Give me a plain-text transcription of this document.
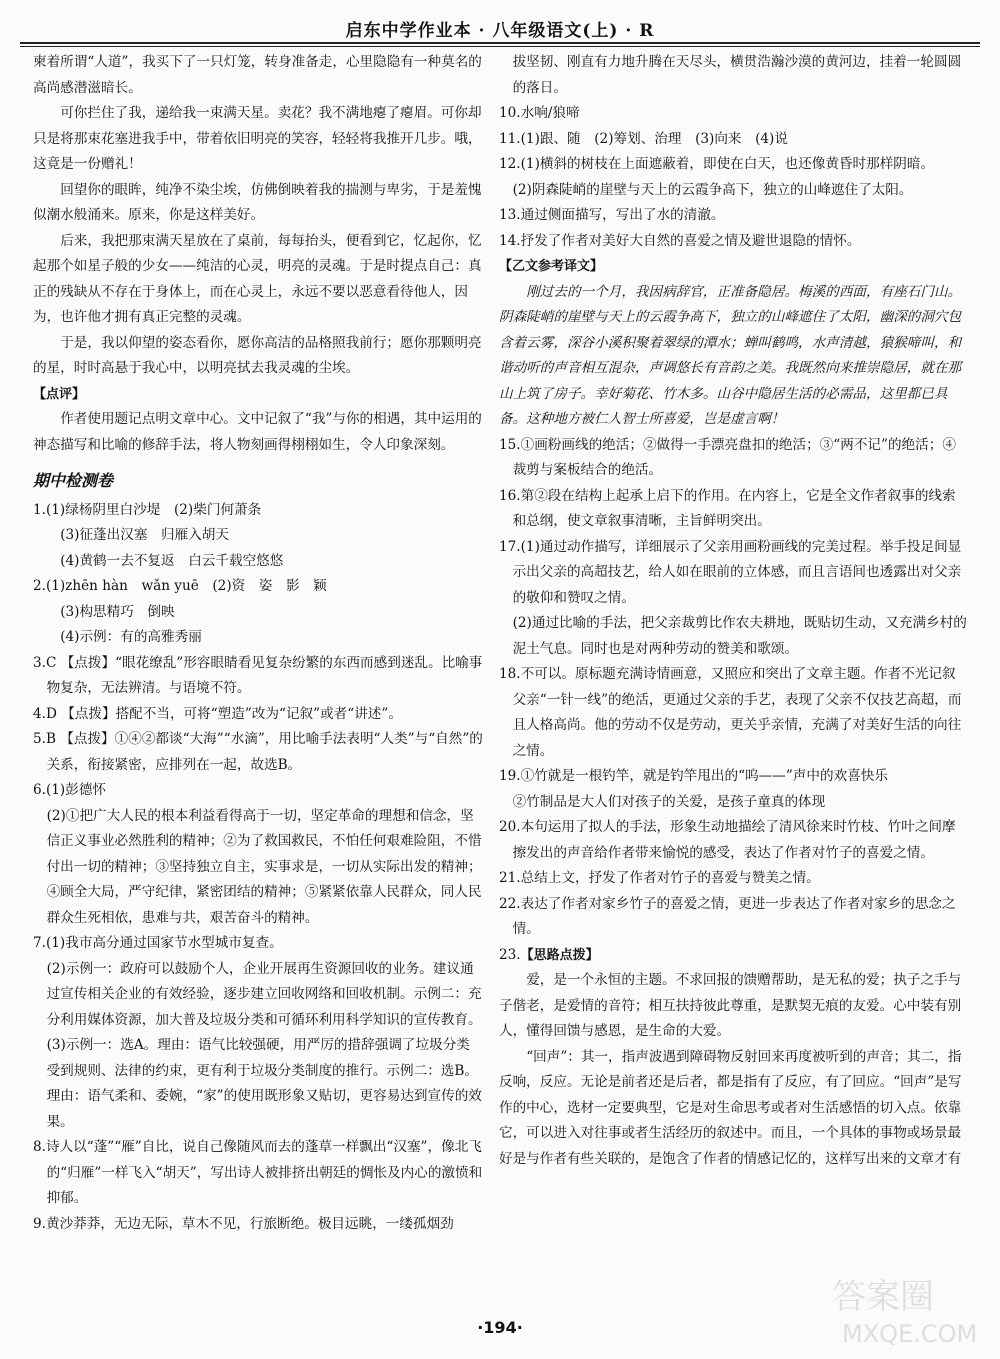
启东中学作业本 · 八年级语文(上) · R

柬着所谓“人道”，我买下了一只灯笼，转身准备走，心里隐隐有一种莫名的高尚感潜滋暗长。

可你拦住了我，递给我一束满天星。卖花？我不满地瘪了瘪眉。可你却只是将那束花塞进我手中，带着依旧明亮的笑容，轻轻将我推开几步。哦，这竟是一份赠礼！

回望你的眼眸，纯净不染尘埃，仿佛倒映着我的揣测与卑劣，于是羞愧似潮水般涌来。原来，你是这样美好。

后来，我把那束满天星放在了桌前，每每抬头，便看到它，忆起你，忆起那个如星子般的少女——纯洁的心灵，明亮的灵魂。于是时提点自己：真正的残缺从不存在于身体上，而在心灵上，永远不要以恶意看待他人，因为，也许他才拥有真正完整的灵魂。

于是，我以仰望的姿态看你，愿你高洁的品格照我前行；愿你那颗明亮的星，时时高悬于我心中，以明亮拭去我灵魂的尘埃。

【点评】

作者使用题记点明文章中心。文中记叙了“我”与你的相遇，其中运用的神态描写和比喻的修辞手法，将人物刻画得栩栩如生，令人印象深刻。

期中检测卷

1.(1)绿杨阴里白沙堤　(2)柴门何萧条

(3)征蓬出汉塞　归雁入胡天

(4)黄鹤一去不复返　白云千载空悠悠

2.(1)zhēn hàn　wǎn yuē　(2)资　姿　影　颖

(3)构思精巧　倒映

(4)示例：有的高雅秀丽

3.C 【点拨】“眼花缭乱”形容眼睛看见复杂纷繁的东西而感到迷乱。比喻事物复杂，无法辨清。与语境不符。

4.D 【点拨】搭配不当，可将“塑造”改为“记叙”或者“讲述”。

5.B 【点拨】①④②都谈“大海”“水滴”，用比喻手法表明“人类”与“自然”的关系，衔接紧密，应排列在一起，故选B。

6.(1)彭德怀

(2)①把广大人民的根本利益看得高于一切，坚定革命的理想和信念，坚信正义事业必然胜利的精神；②为了救国救民，不怕任何艰难险阻，不惜付出一切的精神；③坚持独立自主，实事求是，一切从实际出发的精神；④顾全大局，严守纪律，紧密团结的精神；⑤紧紧依靠人民群众，同人民群众生死相依，患难与共，艰苦奋斗的精神。

7.(1)我市高分通过国家节水型城市复查。

(2)示例一：政府可以鼓励个人，企业开展再生资源回收的业务。建议通过宣传相关企业的有效经验，逐步建立回收网络和回收机制。示例二：充分利用媒体资源，加大普及垃圾分类和可循环利用科学知识的宣传教育。

(3)示例一：选A。理由：语气比较强硬，用严厉的措辞强调了垃圾分类受到规则、法律的约束，更有利于垃圾分类制度的推行。示例二：选B。理由：语气柔和、委婉，“家”的使用既形象又贴切，更容易达到宣传的效果。

8.诗人以“蓬”“雁”自比，说自己像随风而去的蓬草一样飘出“汉塞”，像北飞的“归雁”一样飞入“胡天”，写出诗人被排挤出朝廷的惆怅及内心的激愤和抑郁。

9.黄沙莽莽，无边无际，草木不见，行旅断绝。极目远眺，一缕孤烟劲

拔坚韧、刚直有力地升腾在天尽头，横贯浩瀚沙漠的黄河边，挂着一轮圆圆的落日。

10.水响/狼啼

11.(1)跟、随　(2)筹划、治理　(3)向来　(4)说

12.(1)横斜的树枝在上面遮蔽着，即使在白天，也还像黄昏时那样阴暗。

(2)阴森陡峭的崖壁与天上的云霞争高下，独立的山峰遮住了太阳。

13.通过侧面描写，写出了水的清澈。

14.抒发了作者对美好大自然的喜爱之情及避世退隐的情怀。

【乙文参考译文】

刚过去的一个月，我因病辞官，正准备隐居。梅溪的西面，有座石门山。阴森陡峭的崖壁与天上的云霞争高下，独立的山峰遮住了太阳，幽深的洞穴包含着云雾，深谷小溪积聚着翠绿的潭水；蝉叫鹤鸣，水声清越，猿猴啼叫，和谐动听的声音相互混杂，声调悠长有音韵之美。我既然向来推崇隐居，就在那山上筑了房子。幸好菊花、竹木多。山谷中隐居生活的必需品，这里都已具备。这种地方被仁人智士所喜爱，岂是虚言啊！

15.①画粉画线的绝活；②做得一手漂亮盘扣的绝活；③“两不记”的绝活；④裁剪与案板结合的绝活。

16.第②段在结构上起承上启下的作用。在内容上，它是全文作者叙事的线索和总纲，使文章叙事清晰，主旨鲜明突出。

17.(1)通过动作描写，详细展示了父亲用画粉画线的完美过程。举手投足间显示出父亲的高超技艺，给人如在眼前的立体感，而且言语间也透露出对父亲的敬仰和赞叹之情。

(2)通过比喻的手法，把父亲裁剪比作农夫耕地，既贴切生动，又充满乡村的泥土气息。同时也是对两种劳动的赞美和歌颂。

18.不可以。原标题充满诗情画意，又照应和突出了文章主题。作者不光记叙父亲“一针一线”的绝活，更通过父亲的手艺，表现了父亲不仅技艺高超，而且人格高尚。他的劳动不仅是劳动，更关乎亲情，充满了对美好生活的向往之情。

19.①竹就是一根钓竿，就是钓竿甩出的“呜——”声中的欢喜快乐

②竹制品是大人们对孩子的关爱，是孩子童真的体现

20.本句运用了拟人的手法，形象生动地描绘了清风徐来时竹枝、竹叶之间摩擦发出的声音给作者带来愉悦的感受，表达了作者对竹子的喜爱之情。

21.总结上文，抒发了作者对竹子的喜爱与赞美之情。

22.表达了作者对家乡竹子的喜爱之情，更进一步表达了作者对家乡的思念之情。

23.【思路点拨】

爱，是一个永恒的主题。不求回报的馈赠帮助，是无私的爱；执子之手与子偕老，是爱情的音符；相互扶持彼此尊重，是默契无痕的友爱。心中装有别人，懂得回馈与感恩，是生命的大爱。

“回声”：其一，指声波遇到障碍物反射回来再度被听到的声音；其二，指反响，反应。无论是前者还是后者，都是指有了反应，有了回应。“回声”是写作的中心，选材一定要典型，它是对生命思考或者对生活感悟的切入点。依靠它，可以进入对往事或者生活经历的叙述中。而且，一个具体的事物或场景最好是与作者有些关联的，是饱含了作者的情感记忆的，这样写出来的文章才有

·194·
答案圈
MXQE.COM
